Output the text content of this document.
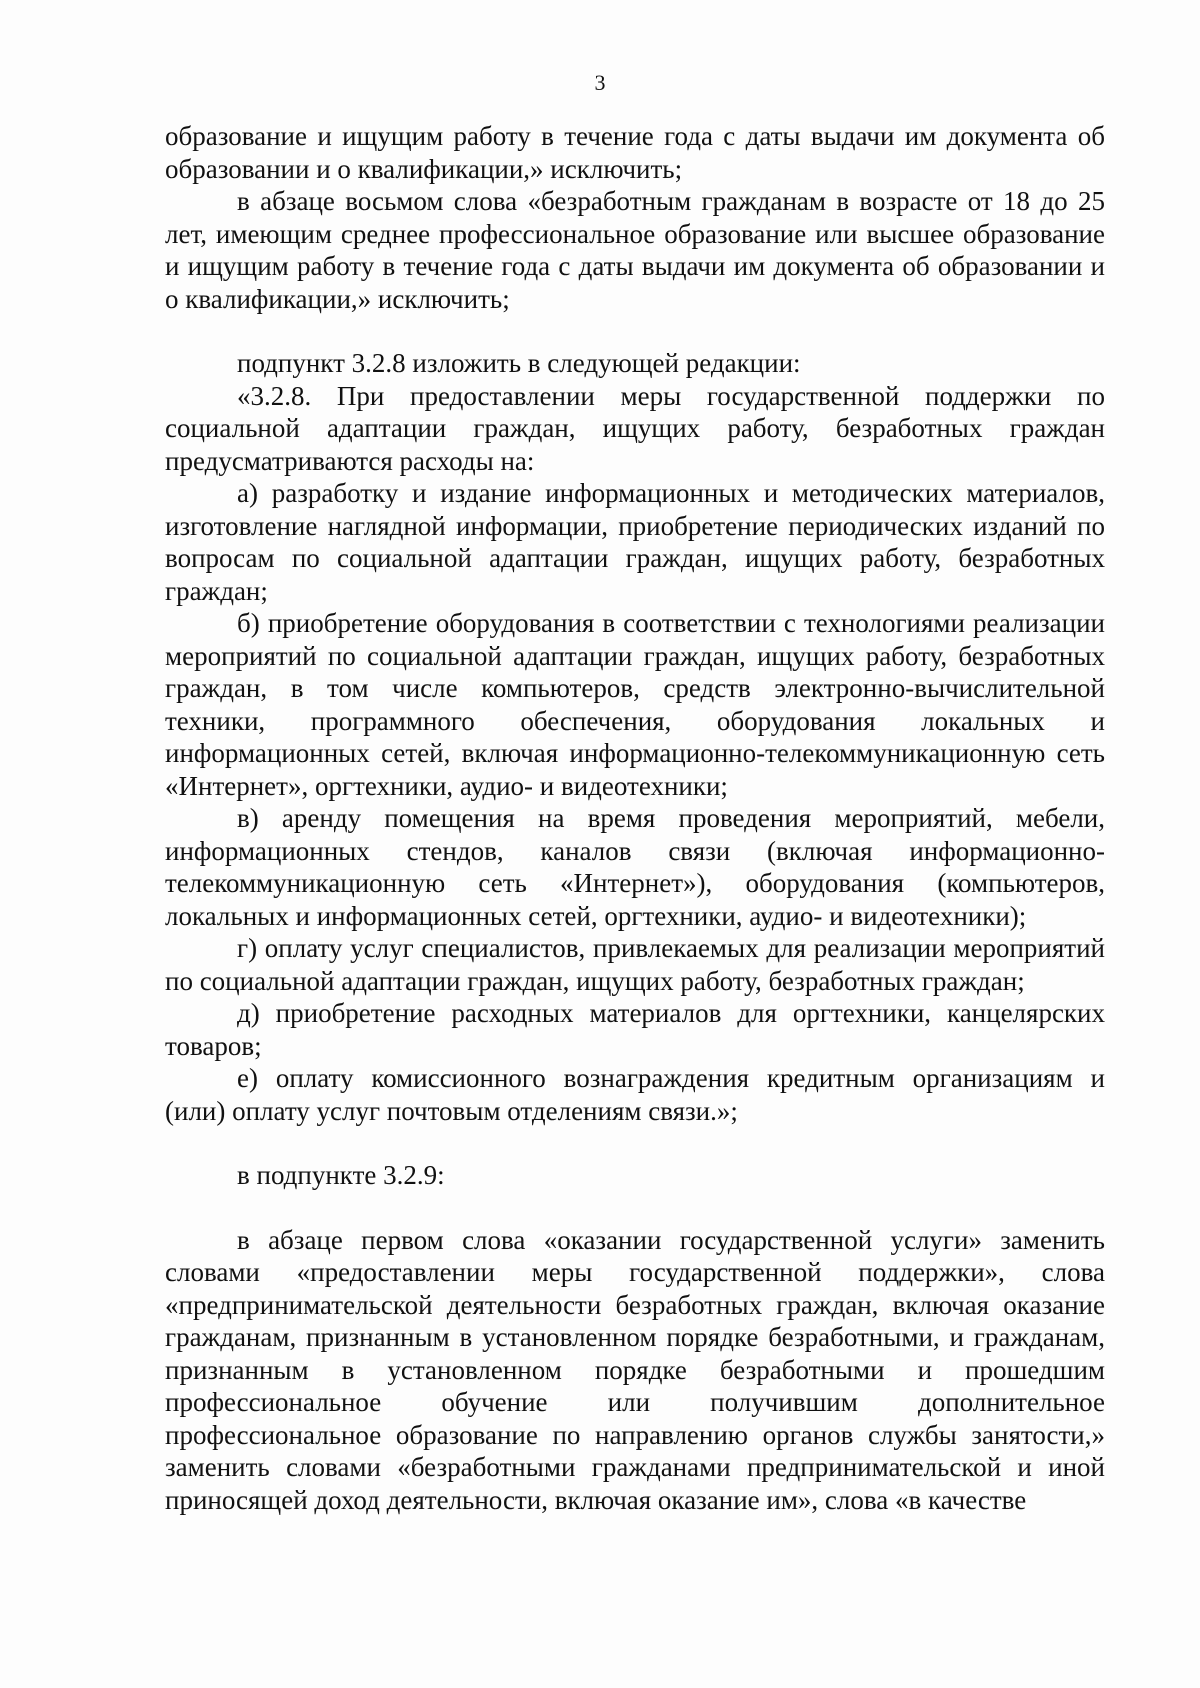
3

образование и ищущим работу в течение года с даты выдачи им документа об образовании и о квалификации,» исключить;

в абзаце восьмом слова «безработным гражданам в возрасте от 18 до 25 лет, имеющим среднее профессиональное образование или высшее образование и ищущим работу в течение года с даты выдачи им документа об образовании и о квалификации,» исключить;

подпункт 3.2.8 изложить в следующей редакции:

«3.2.8. При предоставлении меры государственной поддержки по социальной адаптации граждан, ищущих работу, безработных граждан предусматриваются расходы на:

а) разработку и издание информационных и методических материалов, изготовление наглядной информации, приобретение периодических изданий по вопросам по социальной адаптации граждан, ищущих работу, безработных граждан;

б) приобретение оборудования в соответствии с технологиями реализации мероприятий по социальной адаптации граждан, ищущих работу, безработных граждан, в том числе компьютеров, средств электронно-вычислительной техники, программного обеспечения, оборудования локальных и информационных сетей, включая информационно-телекоммуникационную сеть «Интернет», оргтехники, аудио- и видеотехники;

в) аренду помещения на время проведения мероприятий, мебели, информационных стендов, каналов связи (включая информационно-телекоммуникационную сеть «Интернет»), оборудования (компьютеров, локальных и информационных сетей, оргтехники, аудио- и видеотехники);

г) оплату услуг специалистов, привлекаемых для реализации мероприятий по социальной адаптации граждан, ищущих работу, безработных граждан;

д) приобретение расходных материалов для оргтехники, канцелярских товаров;

е) оплату комиссионного вознаграждения кредитным организациям и (или) оплату услуг почтовым отделениям связи.»;

в подпункте 3.2.9:

в абзаце первом слова «оказании государственной услуги» заменить словами «предоставлении меры государственной поддержки», слова «предпринимательской деятельности безработных граждан, включая оказание гражданам, признанным в установленном порядке безработными, и гражданам, признанным в установленном порядке безработными и прошедшим профессиональное обучение или получившим дополнительное профессиональное образование по направлению органов службы занятости,» заменить словами «безработными гражданами предпринимательской и иной приносящей доход деятельности, включая оказание им», слова «в качестве
